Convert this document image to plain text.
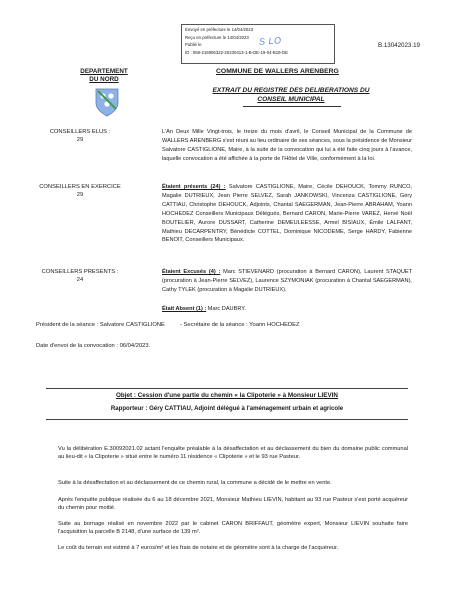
Envoyé en préfecture le 14/04/2023
Reçu en préfecture le 14/04/2023
Publié le
ID : 059-215906322-20230413-1-B-DE-19-04-B19-DE
S LO	B.13042023.19
DEPARTEMENT
DU NORD
COMMUNE DE WALLERS ARENBERG
EXTRAIT DU REGISTRE DES DELIBERATIONS DU
CONSEIL MUNICIPAL
CONSEILLERS ELUS :
29
CONSEILLERS EN EXERCICE
29
CONSEILLERS PRESENTS :
24
L'An Deux Mille Vingt-trois, le treize du mois d'avril, le Conseil Municipal de la Commune de WALLERS ARENBERG s'est réuni au lieu ordinaire de ses séances, sous la présidence de Monsieur Salvatore CASTIGLIONE, Maire, à la suite de la convocation qui lui a été faite cinq jours à l'avance, laquelle convocation a été affichée à la porte de l'Hôtel de Ville, conformément à la loi.
Étaient présents (24) : Salvatore CASTIGLIONE, Maire, Cécile DEHOUCK, Tommy RUNCO, Magalie DUTRIEUX, Jean Pierre SELVEZ, Sarah JANKOWSKI, Vincenza CASTIGLIONE, Géry CATTIAU, Christophe DEHOUCK, Adjoints, Chantal SAEGERMAN, Jean-Pierre ABRAHAM, Yoann HOCHEDEZ Conseillers Municipaux Délégués, Bernard CARON, Marie-Pierre VAREZ, Hervé Noël BOUTELIER, Aurore DUSSART, Catherine DEMEULEESSE, Armel BISIAUX, Émile LALFANT, Mathieu DECARPENTRY, Bénédicte COTTEL, Dominique NICODEME, Serge HARDY, Fabienne BENOIT, Conseillers Municipaux.
Étaient Excusés (4) : Marc STIEVENARD (procuration à Bernard CARON), Laurent STAQUET (procuration à Jean-Pierre SELVEZ), Laurence SZYMONIAK (procuration à Chantal SAEGERMAN), Cathy TYLEK (procuration à Magalie DUTRIEUX).
Était Absent (1) : Marc DAUBRY.
Président de la séance : Salvatore CASTIGLIONE	- Secrétaire de la séance : Yoann HOCHEDEZ
Date d'envoi de la convocation : 06/04/2023.
Objet : Cession d'une partie du chemin « la Clipoterie » à Monsieur LIEVIN
Rapporteur : Géry CATTIAU, Adjoint délégué à l'aménagement urbain et agricole
Vu la délibération E.30092021.02 actant l'enquête préalable à la désaffectation et au déclassement du bien du domaine public communal au lieu-dit « la Clipoterie » situé entre le numéro 11 résidence « Clipoterie » et le 93 rue Pasteur.
Suite à la désaffectation et au déclassement de ce chemin rural, la commune a décidé de le mettre en vente.
Après l'enquête publique réalisée du 6 au 18 décembre 2021, Monsieur Mathieu LIEVIN, habitant au 93 rue Pasteur s'est porté acquéreur du chemin pour moitié.
Suite au bornage réalisé en novembre 2022 par le cabinet CARON BRIFFAUT, géomètre expert, Monsieur LIEVIN souhaite faire l'acquisition la parcelle B 2148, d'une surface de 139 m².
Le coût du terrain est estimé à 7 euros/m² et les frais de notaire et de géomètre sont à la charge de l'acquéreur.
